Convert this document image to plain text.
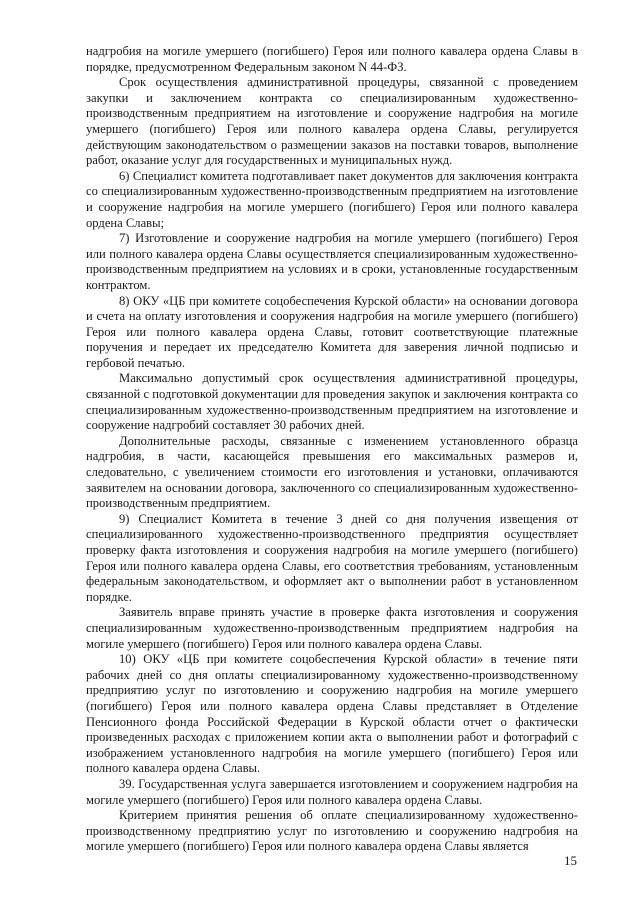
надгробия на могиле умершего (погибшего) Героя или полного кавалера ордена Славы в порядке, предусмотренном Федеральным законом N 44-ФЗ.

Срок осуществления административной процедуры, связанной с проведением закупки и заключением контракта со специализированным художественно-производственным предприятием на изготовление и сооружение надгробия на могиле умершего (погибшего) Героя или полного кавалера ордена Славы, регулируется действующим законодательством о размещении заказов на поставки товаров, выполнение работ, оказание услуг для государственных и муниципальных нужд.

6) Специалист комитета подготавливает пакет документов для заключения контракта со специализированным художественно-производственным предприятием на изготовление и сооружение надгробия на могиле умершего (погибшего) Героя или полного кавалера ордена Славы;

7) Изготовление и сооружение надгробия на могиле умершего (погибшего) Героя или полного кавалера ордена Славы осуществляется специализированным художественно-производственным предприятием на условиях и в сроки, установленные государственным контрактом.

8) ОКУ «ЦБ при комитете соцобеспечения Курской области» на основании договора и счета на оплату изготовления и сооружения надгробия на могиле умершего (погибшего) Героя или полного кавалера ордена Славы, готовит соответствующие платежные поручения и передает их председателю Комитета для заверения личной подписью и гербовой печатью.

Максимально допустимый срок осуществления административной процедуры, связанной с подготовкой документации для проведения закупок и заключения контракта со специализированным художественно-производственным предприятием на изготовление и сооружение надгробий составляет 30 рабочих дней.

Дополнительные расходы, связанные с изменением установленного образца надгробия, в части, касающейся превышения его максимальных размеров и, следовательно, с увеличением стоимости его изготовления и установки, оплачиваются заявителем на основании договора, заключенного со специализированным художественно-производственным предприятием.

9) Специалист Комитета в течение 3 дней со дня получения извещения от специализированного художественно-производственного предприятия осуществляет проверку факта изготовления и сооружения надгробия на могиле умершего (погибшего) Героя или полного кавалера ордена Славы, его соответствия требованиям, установленным федеральным законодательством, и оформляет акт о выполнении работ в установленном порядке.

Заявитель вправе принять участие в проверке факта изготовления и сооружения специализированным художественно-производственным предприятием надгробия на могиле умершего (погибшего) Героя или полного кавалера ордена Славы.

10) ОКУ «ЦБ при комитете соцобеспечения Курской области» в течение пяти рабочих дней со дня оплаты специализированному художественно-производственному предприятию услуг по изготовлению и сооружению надгробия на могиле умершего (погибшего) Героя или полного кавалера ордена Славы представляет в Отделение Пенсионного фонда Российской Федерации в Курской области отчет о фактически произведенных расходах с приложением копии акта о выполнении работ и фотографий с изображением установленного надгробия на могиле умершего (погибшего) Героя или полного кавалера ордена Славы.

39. Государственная услуга завершается изготовлением и сооружением надгробия на могиле умершего (погибшего) Героя или полного кавалера ордена Славы.

Критерием принятия решения об оплате специализированному художественно-производственному предприятию услуг по изготовлению и сооружению надгробия на могиле умершего (погибшего) Героя или полного кавалера ордена Славы является

15
